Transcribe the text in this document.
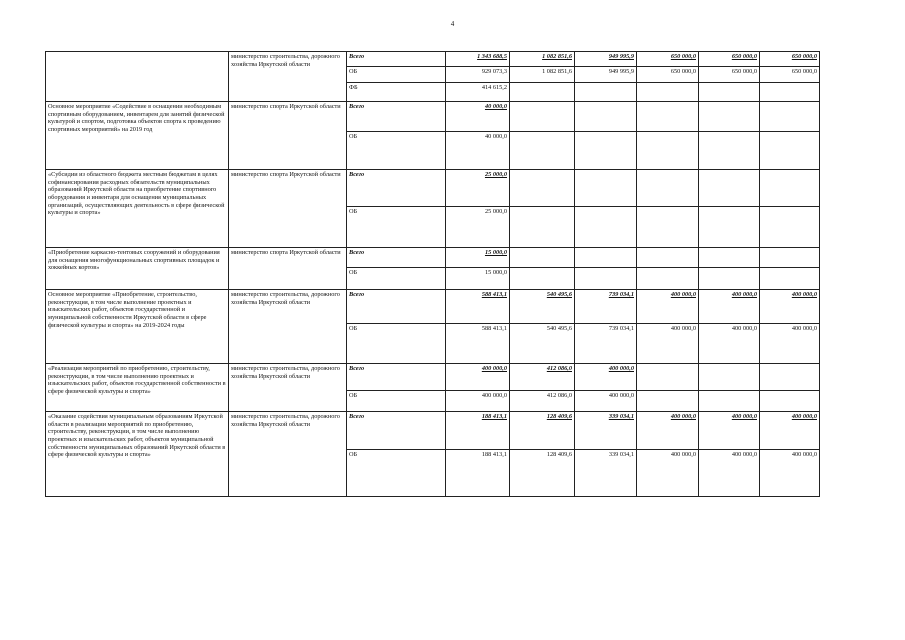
4
	министерство строительства, дорожного хозяйства Иркутской области	Всего	1 343 688,5	1 082 851,6	949 995,9	650 000,0	650 000,0	650 000,0
		ОБ	929 073,3	1 082 851,6	949 995,9	650 000,0	650 000,0	650 000,0
		ФБ	414 615,2					
Основное мероприятие «Содействие в оснащении необходимым спортивным оборудованием, инвентарем для занятий физической культурой и спортом, подготовка объектов спорта к проведению спортивных мероприятий» на 2019 год	министерство спорта Иркутской области	Всего	40 000,0					
		ОБ	40 000,0					
«Субсидии из областного бюджета местным бюджетам в целях софинансирования расходных обязательств муниципальных образований Иркутской области на приобретение спортивного оборудования и инвентаря для оснащения муниципальных организаций, осуществляющих деятельность в сфере физической культуры и спорта»	министерство спорта Иркутской области	Всего	25 000,0					
		ОБ	25 000,0					
«Приобретение каркасно-тентовых сооружений и оборудования для оснащения многофункциональных спортивных площадок и хоккейных кортов»	министерство спорта Иркутской области	Всего	15 000,0					
		ОБ	15 000,0					
Основное мероприятие «Приобретение, строительство, реконструкция, в том числе выполнение проектных и изыскательских работ, объектов государственной и муниципальной собственности Иркутской области в сфере физической культуры и спорта» на 2019-2024 годы	министерство строительства, дорожного хозяйства Иркутской области	Всего	588 413,1	540 495,6	739 034,1	400 000,0	400 000,0	400 000,0
		ОБ	588 413,1	540 495,6	739 034,1	400 000,0	400 000,0	400 000,0
«Реализация мероприятий по приобретению, строительству, реконструкции, в том числе выполнению проектных и изыскательских работ, объектов государственной собственности в сфере физической культуры и спорта»	министерство строительства, дорожного хозяйства Иркутской области	Всего	400 000,0	412 086,0	400 000,0			
		ОБ	400 000,0	412 086,0	400 000,0			
«Оказание содействия муниципальным образованиям Иркутской области в реализации мероприятий по приобретению, строительству, реконструкции, в том числе выполнению проектных и изыскательских работ, объектов муниципальной собственности муниципальных образований Иркутской области в сфере физической культуры и спорта»	министерство строительства, дорожного хозяйства Иркутской области	Всего	188 413,1	128 409,6	339 034,1	400 000,0	400 000,0	400 000,0
		ОБ	188 413,1	128 409,6	339 034,1	400 000,0	400 000,0	400 000,0
